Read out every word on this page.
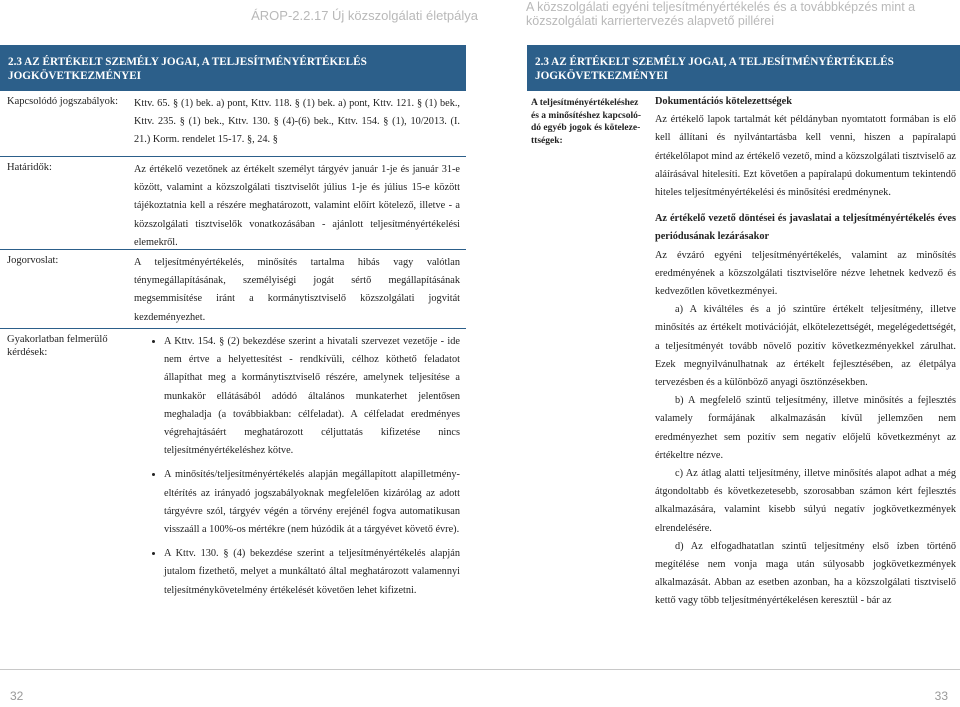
ÁROP-2.2.17 Új közszolgálati életpálya
A közszolgálati egyéni teljesítményértékelés és a továbbképzés mint a közszolgálati karriertervezés alapvető pillérei
2.3 AZ ÉRTÉKELT SZEMÉLY JOGAI, A TELJESÍTMÉNYÉRTÉKELÉS JOGKÖVETKEZMÉNYEI
Kapcsolódó jogszabályok:	Kttv. 65. § (1) bek. a) pont, Kttv. 118. § (1) bek. a) pont, Kttv. 121. § (1) bek., Kttv. 235. § (1) bek., Kttv. 130. § (4)-(6) bek., Kttv. 154. § (1), 10/2013. (I. 21.) Korm. rendelet 15-17. §, 24. §

Határidők:	Az értékelő vezetőnek az értékelt személyt tárgyév január 1-je és január 31-e között, valamint a közszolgálati tisztviselőt július 1-je és július 15-e között tájékoztatnia kell a részére meghatározott, valamint előírt kötelező, illetve - a közszolgálati tisztviselők vonatkozásában - ajánlott teljesítményértékelési elemekről.

Jogorvoslat:	A teljesítményértékelés, minősítés tartalma hibás vagy valótlan ténymegállapításának, személyiségi jogát sértő megállapításának megsemmisítése iránt a kormánytisztviselő közszolgálati jogvitát kezdeményezhet.

Gyakorlatban felmerülő kérdések:
• A Kttv. 154. § (2) bekezdése szerint a hivatali szervezet vezetője - ide nem értve a helyettesítést - rendkívüli, célhoz köthető feladatot állapíthat meg a kormánytisztviselő részére, amelynek teljesítése a munkakör ellátásából adódó általános munkaterhet jelentősen meghaladja (a továbbiakban: célfeladat). A célfeladat eredményes végrehajtásáért meghatározott céljuttatás kifizetése nincs teljesítményértékeléshez kötve.
• A minősítés/teljesítményértékelés alapján megállapított alapilletmény-eltérítés az irányadó jogszabályoknak megfelelően kizárólag az adott tárgyévre szól, tárgyév végén a törvény erejénél fogva automatikusan visszaáll a 100%-os mértékre (nem húzódik át a tárgyévet követő évre).
• A Kttv. 130. § (4) bekezdése szerint a teljesítményértékelés alapján jutalom fizethető, melyet a munkáltató által meghatározott valamennyi teljesítménykövetelmény értékelését követően lehet kifizetni.
2.3 AZ ÉRTÉKELT SZEMÉLY JOGAI, A TELJESÍTMÉNYÉRTÉKELÉS JOGKÖVETKEZMÉNYEI
A teljesítményértékeléshez és a minősítéshez kapcsoló-dó egyéb jogok és köteleze-ttségek:

Dokumentációs kötelezettségek

Az értékelő lapok tartalmát két példányban nyomtatott formában is elő kell állítani és nyilvántartásba kell venni, hiszen a papíralapú értékelőlapot mind az értékelő vezető, mind a közszolgálati tisztviselő az aláírásával hitelesíti. Ezt követően a papíralapú dokumentum tekintendő hiteles teljesítményértékelési és minősítési eredménynek.

Az értékelő vezető döntései és javaslatai a teljesítményértékelés éves periódusának lezárásakor

Az évzáró egyéni teljesítményértékelés, valamint az minősítés eredményének a közszolgálati tisztviselőre nézve lehetnek kedvező és kedvezőtlen következményei.

a) A kiváltéles és a jó szintűre értékelt teljesítmény, illetve minősítés az értékelt motivációját, elkötelezettségét, megelégedettségét, a teljesítményét tovább növelő pozitív következményekkel zárulhat. Ezek megnyilvánulhatnak az értékelt fejlesztésében, az életpálya tervezésben és a különböző anyagi ösztönzésekben.

b) A megfelelő szintű teljesítmény, illetve minősítés a fejlesztés valamely formájának alkalmazásán kívül jellemzően nem eredményezhet sem pozitív sem negatív előjelű következményt az értékeltre nézve.

c) Az átlag alatti teljesítmény, illetve minősítés alapot adhat a még átgondoltabb és következetesebb, szorosabban számon kért fejlesztés alkalmazására, valamint kisebb súlyú negatív jogkövetkezmények elrendelésére.

d) Az elfogadhatatlan szintű teljesítmény első ízben történő megítélése nem vonja maga után súlyosabb jogkövetkezmények alkalmazását. Abban az esetben azonban, ha a közszolgálati tisztviselő kettő vagy több teljesítményértékelésen keresztül - bár az

32	33
